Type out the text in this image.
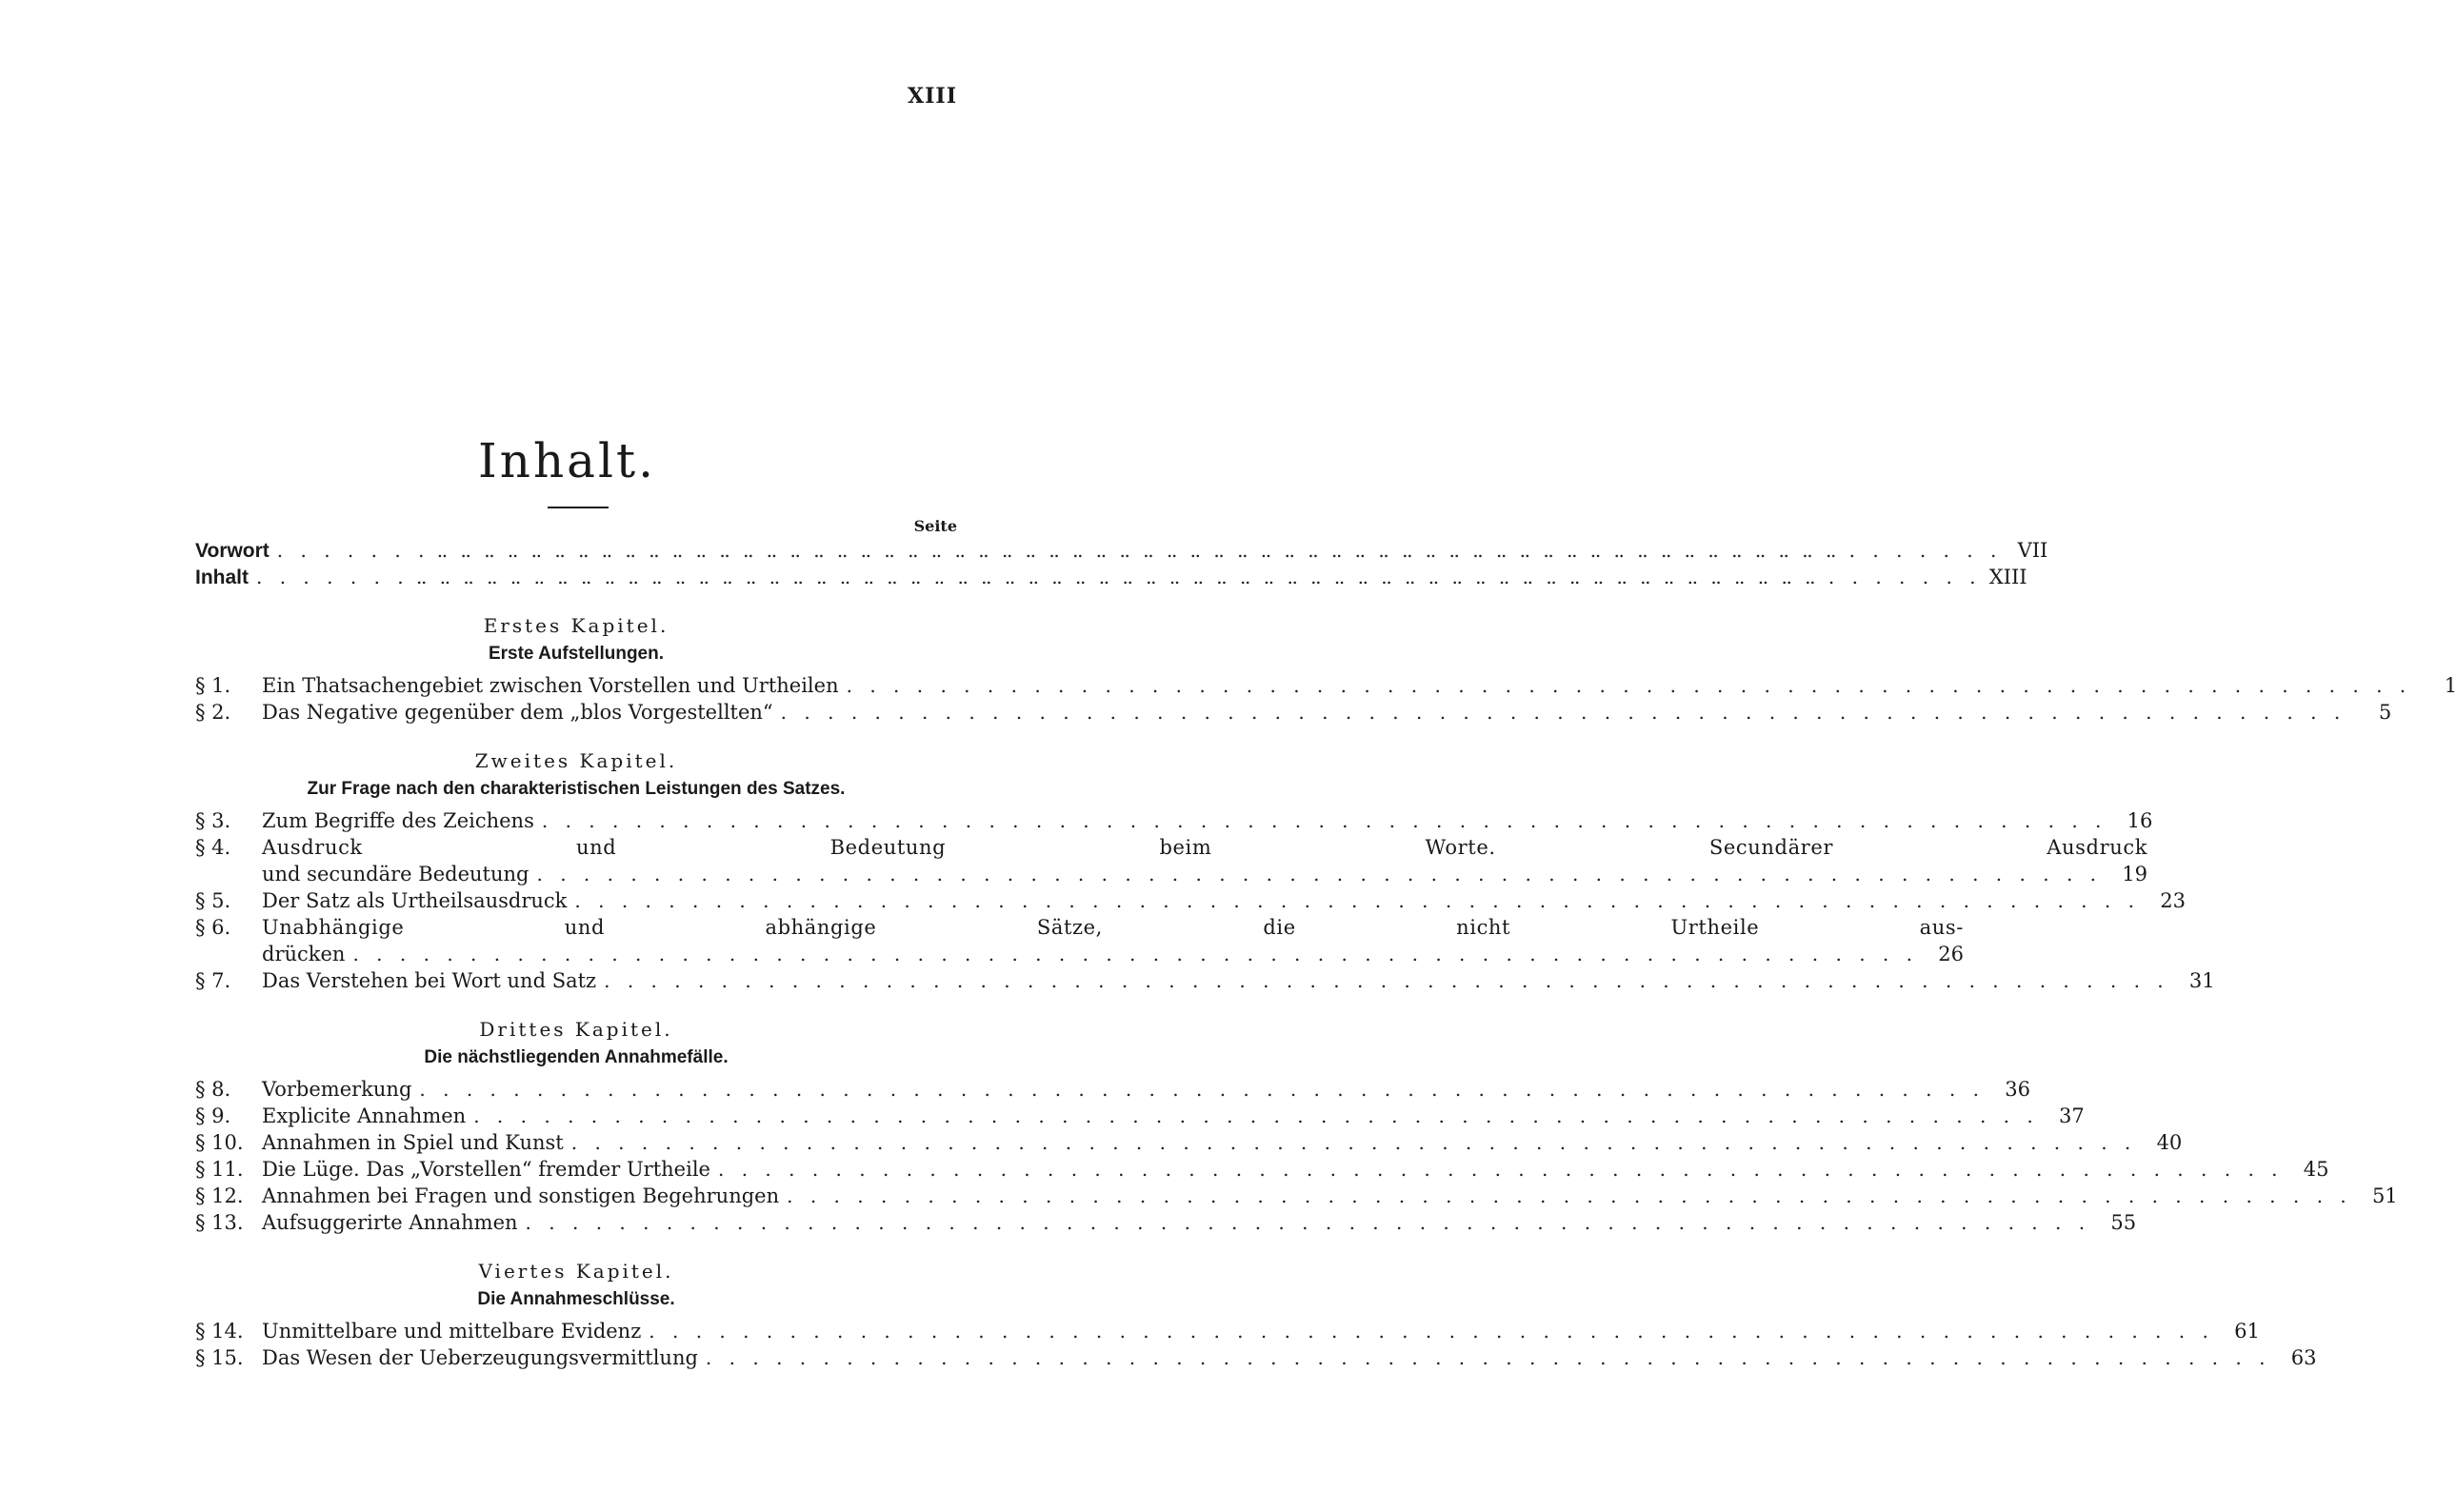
XIII
Inhalt.
Seite
Vorwort . . . . . .	VII
Inhalt . . . . . .	XIII
Erstes Kapitel.
Erste Aufstellungen.
§ 1.	Ein Thatsachengebiet zwischen Vorstellen und Urtheilen . . .	1
§ 2.	Das Negative gegenüber dem „blos Vorgestellten“ . . .	5
Zweites Kapitel.
Zur Frage nach den charakteristischen Leistungen des Satzes.
§ 3.	Zum Begriffe des Zeichens . . .	16
§ 4.	Ausdruck und Bedeutung beim Worte. Secundärer Ausdruck
und secundäre Bedeutung . . .	19
§ 5.	Der Satz als Urtheilsausdruck . . .	23
§ 6.	Unabhängige und abhängige Sätze, die nicht Urtheile aus-
drücken . . .	26
§ 7.	Das Verstehen bei Wort und Satz . . .	31
Drittes Kapitel.
Die nächstliegenden Annahmefälle.
§ 8.	Vorbemerkung . . .	36
§ 9.	Explicite Annahmen . . .	37
§ 10. Annahmen in Spiel und Kunst . . .	40
§ 11. Die Lüge. Das „Vorstellen“ fremder Urtheile . . .	45
§ 12. Annahmen bei Fragen und sonstigen Begehrungen . . .	51
§ 13. Aufsuggerirte Annahmen . . .	55
Viertes Kapitel.
Die Annahmeschlüsse.
§ 14. Unmittelbare und mittelbare Evidenz . . .	61
§ 15. Das Wesen der Ueberzeugungsvermittlung . . .	63
